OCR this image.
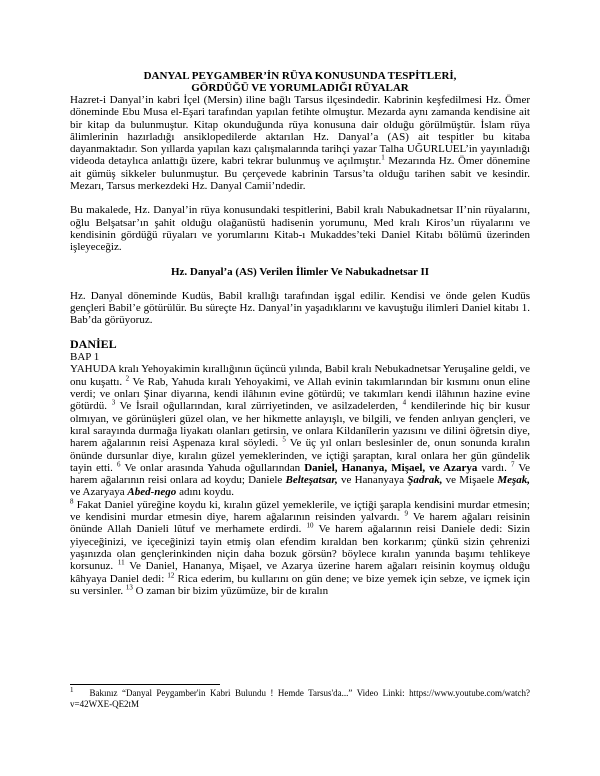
DANYAL PEYGAMBER’İN RÜYA KONUSUNDA TESPİTLERİ,
GÖRDÜĞÜ VE YORUMLADIĞI RÜYALAR

Hazret-i Danyal’in kabri İçel (Mersin) iline bağlı Tarsus ilçesindedir. Kabrinin keşfedilmesi Hz. Ömer döneminde Ebu Musa el-Eşari tarafından yapılan fetihte olmuştur. Mezarda aynı zamanda kendisine ait bir kitap da bulunmuştur. Kitap okunduğunda rüya konusuna dair olduğu görülmüştür. İslam rüya âlimlerinin hazırladığı ansiklopedilerde aktarılan Hz. Danyal’a (AS) ait tespitler bu kitaba dayanmaktadır. Son yıllarda yapılan kazı çalışmalarında tarihçi yazar Talha UĞURLUEL’in yayınladığı videoda detaylıca anlattığı üzere, kabri tekrar bulunmuş ve açılmıştır.$^1$ Mezarında Hz. Ömer dönemine ait gümüş sikkeler bulunmuştur. Bu çerçevede kabrinin Tarsus’ta olduğu tarihen sabit ve kesindir. Mezarı, Tarsus merkezdeki Hz. Danyal Camii’ndedir.

Bu makalede, Hz. Danyal’in rüya konusundaki tespitlerini, Babil kralı Nabukadnetsar II’nin rüyalarını, oğlu Belşatsar’ın şahit olduğu olağanüstü hadisenin yorumunu, Med kralı Kiros’un rüyalarını ve kendisinin gördüğü rüyaları ve yorumlarını Kitab-ı Mukaddes’teki Daniel Kitabı bölümü üzerinden işleyeceğiz.

Hz. Danyal’a (AS) Verilen İlimler Ve Nabukadnetsar II

Hz. Danyal döneminde Kudüs, Babil krallığı tarafından işgal edilir. Kendisi ve önde gelen Kudüs gençleri Babil’e götürülür. Bu süreçte Hz. Danyal’in yaşadıklarını ve kavuştuğu ilimleri Daniel kitabı 1. Bab’da görüyoruz.

DANİEL
BAP 1

YAHUDA kralı Yehoyakimin kırallığının üçüncü yılında, Babil kralı Nebukadnetsar Yeruşaline geldi, ve onu kuşattı. $^2$ Ve Rab, Yahuda kıralı Yehoyakimi, ve Allah evinin takımlarından bir kısmını onun eline verdi; ve onları Şinar diyarına, kendi ilâhının evine götürdü; ve takımları kendi ilâhının hazine evine götürdü. $^3$ Ve İsrail oğullarından, kıral zürriyetinden, ve asilzadelerden, $^4$ kendilerinde hiç bir kusur olmıyan, ve görünüşleri güzel olan, ve her hikmette anlayışlı, ve bilgili, ve fenden anlıyan gençleri, ve kıral sarayında durmağa liyakatı olanları getirsin, ve onlara Kildanîlerin yazısını ve dilini öğretsin diye, harem ağalarının reisi Aşpenaza kıral söyledi. $^5$ Ve üç yıl onları beslesinler de, onun sonunda kıralın önünde dursunlar diye, kıralın güzel yemeklerinden, ve içtiği şaraptan, kıral onlara her gün gündelik tayin etti. $^6$ Ve onlar arasında Yahuda oğullarından Daniel, Hananya, Mişael, ve Azarya vardı. $^7$ Ve harem ağalarının reisi onlara ad koydu; Daniele Belteşatsar, ve Hananyaya Şadrak, ve Mişaele Meşak, ve Azaryaya Abed-nego adını koydu.

$^8$ Fakat Daniel yüreğine koydu ki, kıralın güzel yemeklerile, ve içtiği şarapla kendisini murdar etmesin; ve kendisini murdar etmesin diye, harem ağalarının reisinden yalvardı. $^9$ Ve harem ağaları reisinin önünde Allah Danieli lûtuf ve merhamete erdirdi. $^{10}$ Ve harem ağalarının reisi Daniele dedi: Sizin yiyeceğinizi, ve içeceğinizi tayin etmiş olan efendim kıraldan ben korkarım; çünkü sizin çehrenizi yaşınızda olan gençlerinkinden niçin daha bozuk görsün? böylece kıralın yanında başımı tehlikeye korsunuz. $^{11}$ Ve Daniel, Hananya, Mişael, ve Azarya üzerine harem ağaları reisinin koymuş olduğu kâhyaya Daniel dedi: $^{12}$ Rica ederim, bu kullarını on gün dene; ve bize yemek için sebze, ve içmek için su versinler. $^{13}$ O zaman bir bizim yüzümüze, bir de kıralın

$^1$ Bakınız “Danyal Peygamber'in Kabri Bulundu ! Hemde Tarsus'da...” Video Linki: https://www.youtube.com/watch?v=42WXE-QE2tM
